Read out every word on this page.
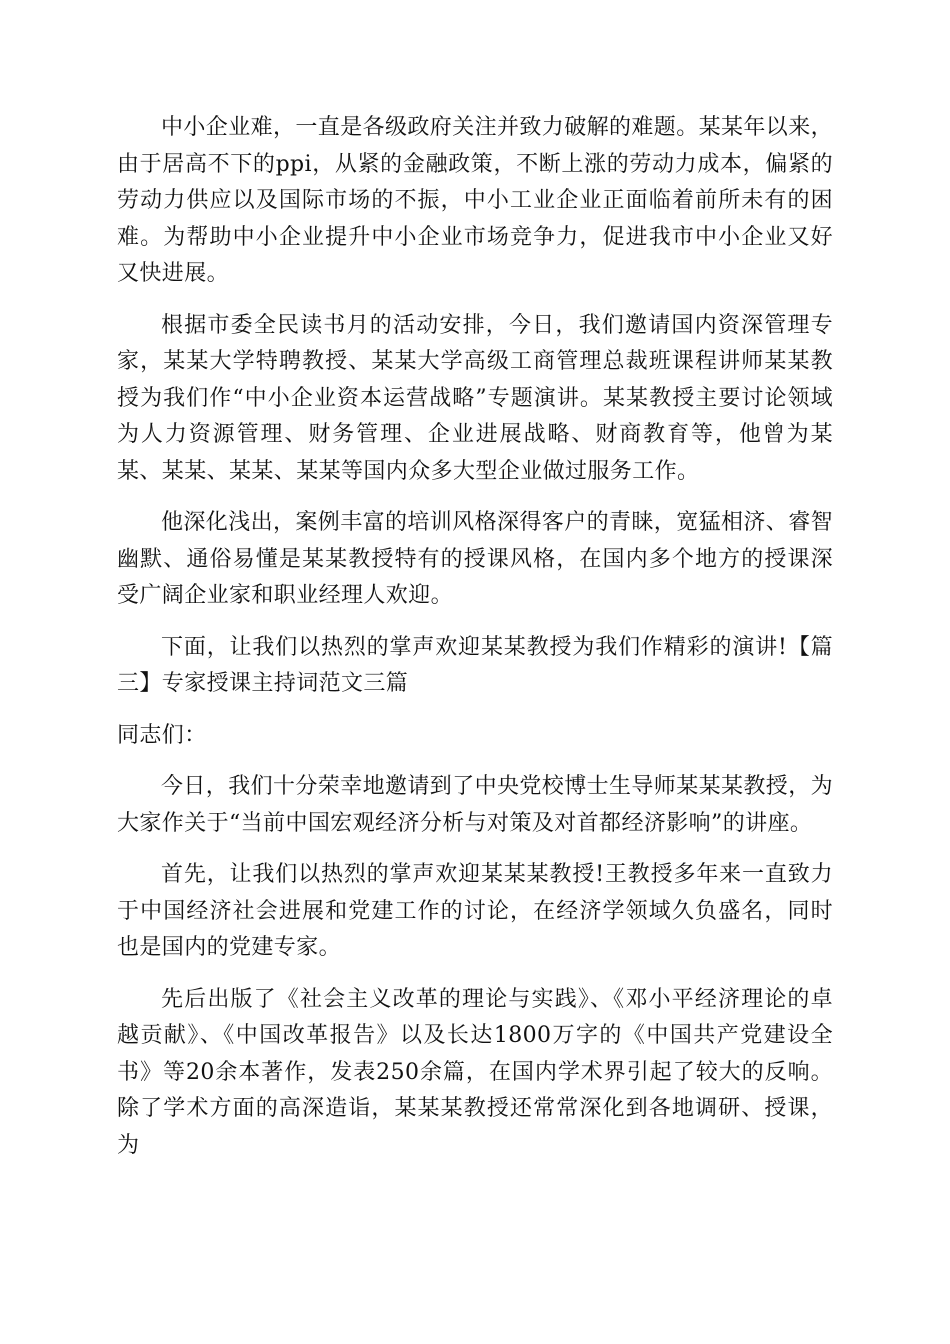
中小企业难，一直是各级政府关注并致力破解的难题。某某年以来，由于居高不下的ppi，从紧的金融政策，不断上涨的劳动力成本，偏紧的劳动力供应以及国际市场的不振，中小工业企业正面临着前所未有的困难。为帮助中小企业提升中小企业市场竞争力，促进我市中小企业又好又快进展。

根据市委全民读书月的活动安排，今日，我们邀请国内资深管理专家，某某大学特聘教授、某某大学高级工商管理总裁班课程讲师某某教授为我们作“中小企业资本运营战略”专题演讲。某某教授主要讨论领域为人力资源管理、财务管理、企业进展战略、财商教育等，他曾为某某、某某、某某、某某等国内众多大型企业做过服务工作。

他深化浅出，案例丰富的培训风格深得客户的青睐，宽猛相济、睿智幽默、通俗易懂是某某教授特有的授课风格，在国内多个地方的授课深受广阔企业家和职业经理人欢迎。

下面，让我们以热烈的掌声欢迎某某教授为我们作精彩的演讲!【篇三】专家授课主持词范文三篇

同志们：

今日，我们十分荣幸地邀请到了中央党校博士生导师某某某教授，为大家作关于“当前中国宏观经济分析与对策及对首都经济影响”的讲座。

首先，让我们以热烈的掌声欢迎某某某教授!王教授多年来一直致力于中国经济社会进展和党建工作的讨论，在经济学领域久负盛名，同时也是国内的党建专家。

先后出版了《社会主义改革的理论与实践》、《邓小平经济理论的卓越贡献》、《中国改革报告》以及长达1800万字的《中国共产党建设全书》等20余本著作，发表250余篇，在国内学术界引起了较大的反响。除了学术方面的高深造诣，某某某教授还常常深化到各地调研、授课，为
